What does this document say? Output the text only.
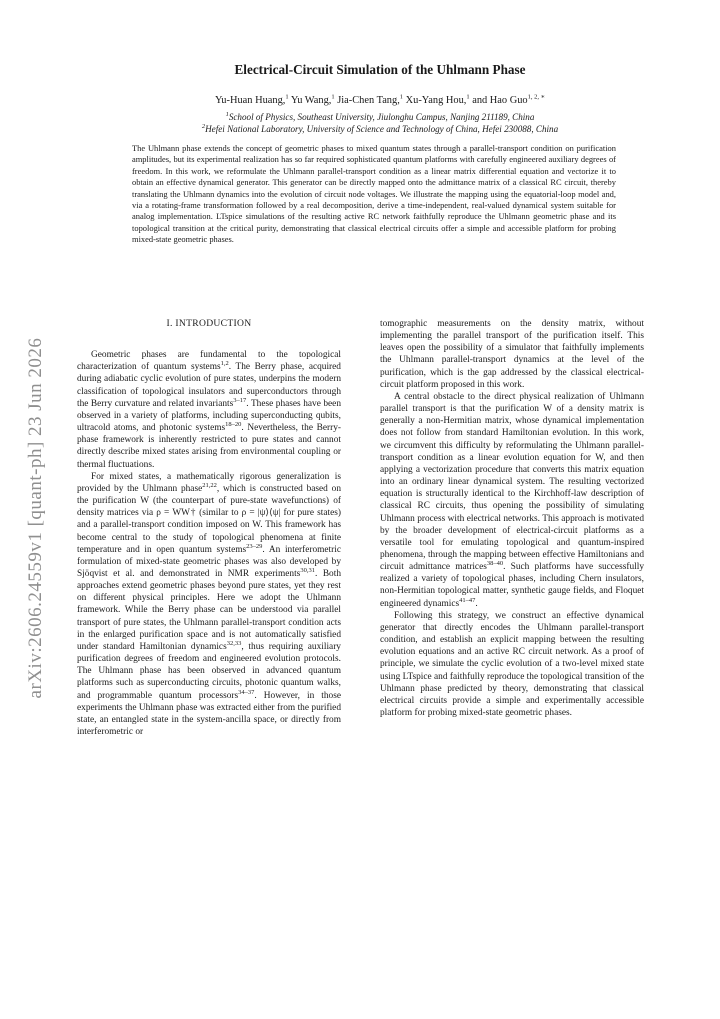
arXiv:2606.24559v1 [quant-ph] 23 Jun 2026
Electrical-Circuit Simulation of the Uhlmann Phase
Yu-Huan Huang,$^1$ Yu Wang,$^1$ Jia-Chen Tang,$^1$ Xu-Yang Hou,$^1$ and Hao Guo$^{1, 2, ∗}$
$^1$School of Physics, Southeast University, Jiulonghu Campus, Nanjing 211189, China
$^2$Hefei National Laboratory, University of Science and Technology of China, Hefei 230088, China
The Uhlmann phase extends the concept of geometric phases to mixed quantum states through a parallel-transport condition on purification amplitudes, but its experimental realization has so far required sophisticated quantum platforms with carefully engineered auxiliary degrees of freedom. In this work, we reformulate the Uhlmann parallel-transport condition as a linear matrix differential equation and vectorize it to obtain an effective dynamical generator. This generator can be directly mapped onto the admittance matrix of a classical RC circuit, thereby translating the Uhlmann dynamics into the evolution of circuit node voltages. We illustrate the mapping using the equatorial-loop model and, via a rotating-frame transformation followed by a real decomposition, derive a time-independent, real-valued dynamical system suitable for analog implementation. LTspice simulations of the resulting active RC network faithfully reproduce the Uhlmann geometric phase and its topological transition at the critical purity, demonstrating that classical electrical circuits offer a simple and accessible platform for probing mixed-state geometric phases.
I. INTRODUCTION

Geometric phases are fundamental to the topological characterization of quantum systems$^{1,2}$. The Berry phase, acquired during adiabatic cyclic evolution of pure states, underpins the modern classification of topological insulators and superconductors through the Berry curvature and related invariants$^{3-17}$. These phases have been observed in a variety of platforms, including superconducting qubits, ultracold atoms, and photonic systems$^{18-20}$. Nevertheless, the Berry-phase framework is inherently restricted to pure states and cannot directly describe mixed states arising from environmental coupling or thermal fluctuations.

For mixed states, a mathematically rigorous generalization is provided by the Uhlmann phase$^{21,22}$, which is constructed based on the purification W (the counterpart of pure-state wavefunctions) of density matrices via ρ = WW† (similar to ρ = |ψ⟩⟨ψ| for pure states) and a parallel-transport condition imposed on W. This framework has become central to the study of topological phenomena at finite temperature and in open quantum systems$^{23-29}$. An interferometric formulation of mixed-state geometric phases was also developed by Sjöqvist et al. and demonstrated in NMR experiments$^{30,31}$. Both approaches extend geometric phases beyond pure states, yet they rest on different physical principles. Here we adopt the Uhlmann framework. While the Berry phase can be understood via parallel transport of pure states, the Uhlmann parallel-transport condition acts in the enlarged purification space and is not automatically satisfied under standard Hamiltonian dynamics$^{32,33}$, thus requiring auxiliary purification degrees of freedom and engineered evolution protocols. The Uhlmann phase has been observed in advanced quantum platforms such as superconducting circuits, photonic quantum walks, and programmable quantum processors$^{34-37}$. However, in those experiments the Uhlmann phase was extracted either from the purified state, an entangled state in the system-ancilla space, or directly from interferometric or

tomographic measurements on the density matrix, without implementing the parallel transport of the purification itself. This leaves open the possibility of a simulator that faithfully implements the Uhlmann parallel-transport dynamics at the level of the purification, which is the gap addressed by the classical electrical-circuit platform proposed in this work.

A central obstacle to the direct physical realization of Uhlmann parallel transport is that the purification W of a density matrix is generally a non-Hermitian matrix, whose dynamical implementation does not follow from standard Hamiltonian evolution. In this work, we circumvent this difficulty by reformulating the Uhlmann parallel-transport condition as a linear evolution equation for W, and then applying a vectorization procedure that converts this matrix equation into an ordinary linear dynamical system. The resulting vectorized equation is structurally identical to the Kirchhoff-law description of classical RC circuits, thus opening the possibility of simulating Uhlmann process with electrical networks. This approach is motivated by the broader development of electrical-circuit platforms as a versatile tool for emulating topological and quantum-inspired phenomena, through the mapping between effective Hamiltonians and circuit admittance matrices$^{38-40}$. Such platforms have successfully realized a variety of topological phases, including Chern insulators, non-Hermitian topological matter, synthetic gauge fields, and Floquet engineered dynamics$^{41-47}$.

Following this strategy, we construct an effective dynamical generator that directly encodes the Uhlmann parallel-transport condition, and establish an explicit mapping between the resulting evolution equations and an active RC circuit network. As a proof of principle, we simulate the cyclic evolution of a two-level mixed state using LTspice and faithfully reproduce the topological transition of the Uhlmann phase predicted by theory, demonstrating that classical electrical circuits provide a simple and experimentally accessible platform for probing mixed-state geometric phases.
